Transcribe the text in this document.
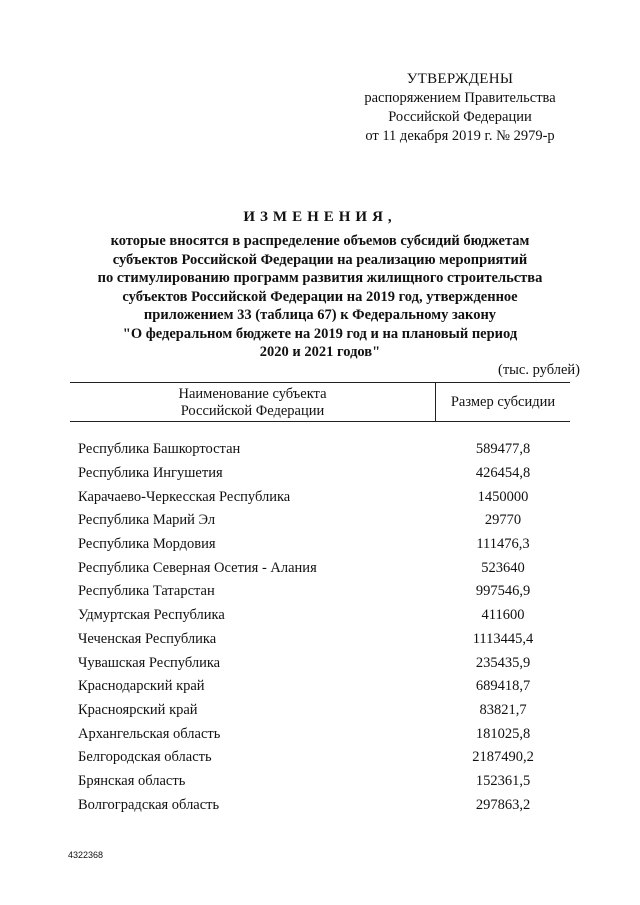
УТВЕРЖДЕНЫ
распоряжением Правительства
Российской Федерации
от 11 декабря 2019 г. № 2979-р
ИЗМЕНЕНИЯ,
которые вносятся в распределение объемов субсидий бюджетам
субъектов Российской Федерации на реализацию мероприятий
по стимулированию программ развития жилищного строительства
субъектов Российской Федерации на 2019 год, утвержденное
приложением 33 (таблица 67) к Федеральному закону
"О федеральном бюджете на 2019 год и на плановый период
2020 и 2021 годов"
(тыс. рублей)
Наименование субъекта
Российской Федерации
Размер субсидии
Республика Башкортостан	589477,8
Республика Ингушетия	426454,8
Карачаево-Черкесская Республика	1450000
Республика Марий Эл	29770
Республика Мордовия	111476,3
Республика Северная Осетия - Алания	523640
Республика Татарстан	997546,9
Удмуртская Республика	411600
Чеченская Республика	1113445,4
Чувашская Республика	235435,9
Краснодарский край	689418,7
Красноярский край	83821,7
Архангельская область	181025,8
Белгородская область	2187490,2
Брянская область	152361,5
Волгоградская область	297863,2
4322368
